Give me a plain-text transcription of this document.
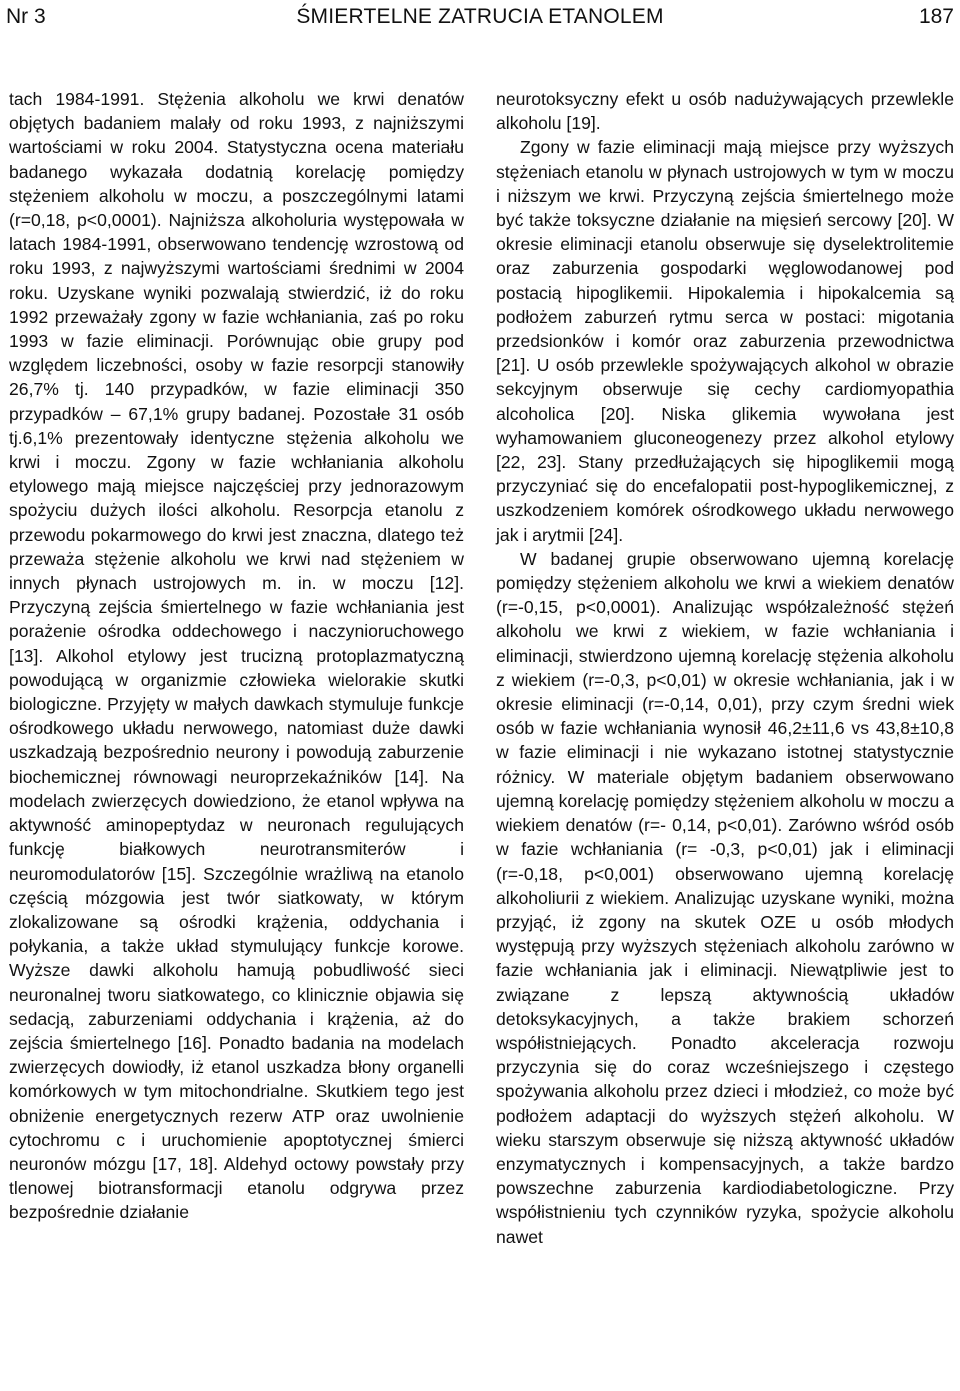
Nr 3	ŚMIERTELNE ZATRUCIA ETANOLEM	187

tach 1984-1991. Stężenia alkoholu we krwi denatów objętych badaniem malały od roku 1993, z najniższymi wartościami w roku 2004. Statystyczna ocena materiału badanego wykazała dodatnią korelację pomiędzy stężeniem alkoholu w moczu, a poszczególnymi latami (r=0,18, p<0,0001). Najniższa alkoholuria występowała w latach 1984-1991, obserwowano tendencję wzrostową od roku 1993, z najwyższymi wartościami średnimi w 2004 roku. Uzyskane wyniki pozwalają stwierdzić, iż do roku 1992 przeważały zgony w fazie wchłaniania, zaś po roku 1993 w fazie eliminacji. Porównując obie grupy pod względem liczebności, osoby w fazie resorpcji stanowiły 26,7% tj. 140 przypadków, w fazie eliminacji 350 przypadków – 67,1% grupy badanej. Pozostałe 31 osób tj.6,1% prezentowały identyczne stężenia alkoholu we krwi i moczu. Zgony w fazie wchłaniania alkoholu etylowego mają miejsce najczęściej przy jednorazowym spożyciu dużych ilości alkoholu. Resorpcja etanolu z przewodu pokarmowego do krwi jest znaczna, dlatego też przeważa stężenie alkoholu we krwi nad stężeniem w innych płynach ustrojowych m. in. w moczu [12]. Przyczyną zejścia śmiertelnego w fazie wchłaniania jest porażenie ośrodka oddechowego i naczynioruchowego [13]. Alkohol etylowy jest trucizną protoplazmatyczną powodującą w organizmie człowieka wielorakie skutki biologiczne. Przyjęty w małych dawkach stymuluje funkcje ośrodkowego układu nerwowego, natomiast duże dawki uszkadzają bezpośrednio neurony i powodują zaburzenie biochemicznej równowagi neuroprzekaźników [14]. Na modelach zwierzęcych dowiedziono, że etanol wpływa na aktywność aminopeptydaz w neuronach regulujących funkcję białkowych neurotransmiterów i neuromodulatorów [15]. Szczególnie wrażliwą na etanolo częścią mózgowia jest twór siatkowaty, w którym zlokalizowane są ośrodki krążenia, oddychania i połykania, a także układ stymulujący funkcje korowe. Wyższe dawki alkoholu hamują pobudliwość sieci neuronalnej tworu siatkowatego, co klinicznie objawia się sedacją, zaburzeniami oddychania i krążenia, aż do zejścia śmiertelnego [16]. Ponadto badania na modelach zwierzęcych dowiodły, iż etanol uszkadza błony organelli komórkowych w tym mitochondrialne. Skutkiem tego jest obniżenie energetycznych rezerw ATP oraz uwolnienie cytochromu c i uruchomienie apoptotycznej śmierci neuronów mózgu [17, 18]. Aldehyd octowy powstały przy tlenowej biotransformacji etanolu odgrywa przez bezpośrednie działanie

neurotoksyczny efekt u osób nadużywających przewlekle alkoholu [19].

Zgony w fazie eliminacji mają miejsce przy wyższych stężeniach etanolu w płynach ustrojowych w tym w moczu i niższym we krwi. Przyczyną zejścia śmiertelnego może być także toksyczne działanie na mięsień sercowy [20]. W okresie eliminacji etanolu obserwuje się dyselektrolitemie oraz zaburzenia gospodarki węglowodanowej pod postacią hipoglikemii. Hipokalemia i hipokalcemia są podłożem zaburzeń rytmu serca w postaci: migotania przedsionków i komór oraz zaburzenia przewodnictwa [21]. U osób przewlekle spożywających alkohol w obrazie sekcyjnym obserwuje się cechy cardiomyopathia alcoholica [20]. Niska glikemia wywołana jest wyhamowaniem gluconeogenezy przez alkohol etylowy [22, 23]. Stany przedłużających się hipoglikemii mogą przyczyniać się do encefalopatii post-hypoglikemicznej, z uszkodzeniem komórek ośrodkowego układu nerwowego jak i arytmii [24].

W badanej grupie obserwowano ujemną korelację pomiędzy stężeniem alkoholu we krwi a wiekiem denatów (r=-0,15, p<0,0001). Analizując współzależność stężeń alkoholu we krwi z wiekiem, w fazie wchłaniania i eliminacji, stwierdzono ujemną korelację stężenia alkoholu z wiekiem (r=-0,3, p<0,01) w okresie wchłaniania, jak i w okresie eliminacji (r=-0,14, 0,01), przy czym średni wiek osób w fazie wchłaniania wynosił 46,2±11,6 vs 43,8±10,8 w fazie eliminacji i nie wykazano istotnej statystycznie różnicy. W materiale objętym badaniem obserwowano ujemną korelację pomiędzy stężeniem alkoholu w moczu a wiekiem denatów (r=- 0,14, p<0,01). Zarówno wśród osób w fazie wchłaniania (r= -0,3, p<0,01) jak i eliminacji (r=-0,18, p<0,001) obserwowano ujemną korelację alkoholiurii z wiekiem. Analizując uzyskane wyniki, można przyjąć, iż zgony na skutek OZE u osób młodych występują przy wyższych stężeniach alkoholu zarówno w fazie wchłaniania jak i eliminacji. Niewątpliwie jest to związane z lepszą aktywnością układów detoksykacyjnych, a także brakiem schorzeń współistniejących. Ponadto akceleracja rozwoju przyczynia się do coraz wcześniejszego i częstego spożywania alkoholu przez dzieci i młodzież, co może być podłożem adaptacji do wyższych stężeń alkoholu. W wieku starszym obserwuje się niższą aktywność układów enzymatycznych i kompensacyjnych, a także bardzo powszechne zaburzenia kardiodiabetologiczne. Przy współistnieniu tych czynników ryzyka, spożycie alkoholu nawet
